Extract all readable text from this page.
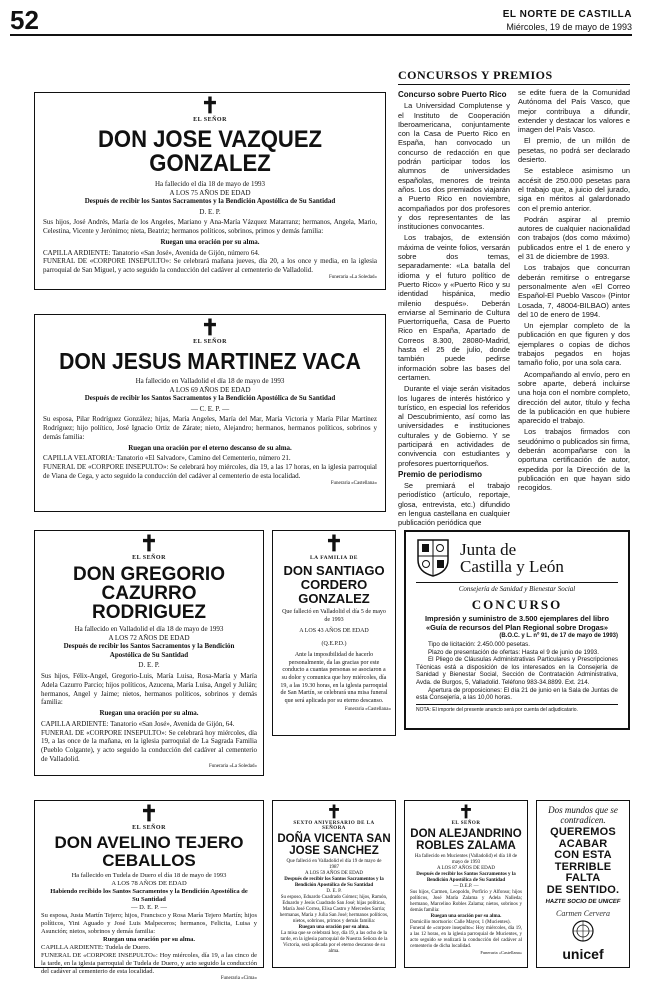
52	EL NORTE DE CASTILLA
Miércoles, 19 de mayo de 1993
✝
EL SEÑOR
DON JOSE VAZQUEZ GONZALEZ
Ha fallecido el día 18 de mayo de 1993
A LOS 75 AÑOS DE EDAD
Después de recibir los Santos Sacramentos y la Bendición Apostólica de Su Santidad
D. E. P.
Sus hijos, José Andrés, María de los Angeles, Mariano y Ana-María Vázquez Matarranz; hermanos, Angela, Mario, Celestina, Vicente y Jerónimo; nieta, Beatriz; hermanos políticos, sobrinos, primos y demás familia:
Ruegan una oración por su alma.
CAPILLA ARDIENTE: Tanatorio «San José», Avenida de Gijón, número 64.
FUNERAL DE «CORPORE INSEPULTO»: Se celebrará mañana jueves, día 20, a los once y media, en la iglesia parroquial de San Miguel, y acto seguido la conducción del cadáver al cementerio de Valladolid.
Funeraria «La Soledad»
✝
EL SEÑOR
DON JESUS MARTINEZ VACA
Ha fallecido en Valladolid el día 18 de mayo de 1993
A LOS 69 AÑOS DE EDAD
Después de recibir los Santos Sacramentos y la Bendición Apostólica de Su Santidad
— C. E. P. —
Su esposa, Pilar Rodríguez González; hijas, María Angeles, María del Mar, María Victoria y María Pilar Martínez Rodríguez; hijo político, José Ignacio Ortiz de Zárate; nieto, Alejandro; hermanos, hermanos políticos, sobrinos y demás familia:
Ruegan una oración por el eterno descanso de su alma.
CAPILLA VELATORIA: Tanatorio «El Salvador», Camino del Cementerio, número 21.
FUNERAL DE «CORPORE INSEPULTO»: Se celebrará hoy miércoles, día 19, a las 17 horas, en la iglesia parroquial de Viana de Cega, y acto seguido la conducción del cadáver al cementerio de esta localidad.
Funeraria «Castellana»
CONCURSOS Y PREMIOS
Concurso sobre Puerto Rico

La Universidad Complutense y el Instituto de Cooperación Iberoamericana, conjuntamente con la Casa de Puerto Rico en España, han convocado un concurso de redacción en que podrán participar todos los alumnos de universidades españolas, menores de treinta años. Los dos premiados viajarán a Puerto Rico en noviembre, acompañados por dos profesores y dos representantes de las instituciones convocantes.

Los trabajos, de extensión máxima de veinte folios, versarán sobre dos temas, separadamente: «La batalla del idioma y el futuro político de Puerto Rico» y «Puerto Rico y su identidad hispánica, medio milenio después». Deberán enviarse al Seminario de Cultura Puertorriqueña, Casa de Puerto Rico en España, Apartado de Correos 8.300, 28080-Madrid, hasta el 25 de julio, donde también puede pedirse información sobre las bases del certamen.

Durante el viaje serán visitados los lugares de interés histórico y turístico, en especial los referidos al Descubrimiento, así como las universidades e instituciones culturales y de Gobierno. Y se participará en actividades de convivencia con estudiantes y profesores puertorriqueños.

Premio de periodismo

Se premiará el trabajo periodístico (artículo, reportaje, glosa, entrevista, etc.) difundido en lengua castellana en cualquier publicación periódica que

se edite fuera de la Comunidad Autónoma del País Vasco, que mejor contribuya a difundir, extender y destacar los valores e imagen del País Vasco.

El premio, de un millón de pesetas, no podrá ser declarado desierto.

Se establece asimismo un accésit de 250.000 pesetas para el trabajo que, a juicio del jurado, siga en méritos al galardonado con el premio anterior.

Podrán aspirar al premio autores de cualquier nacionalidad con trabajos (dos como máximo) publicados entre el 1 de enero y el 31 de diciembre de 1993.

Los trabajos que concurran deberán remitirse o entregarse personalmente a/en «El Correo Español-El Pueblo Vasco» (Pintor Losada, 7, 48004-BILBAO) antes del 10 de enero de 1994.

Un ejemplar completo de la publicación en que figuren y dos ejemplares o copias de dichos trabajos pegados en hojas tamaño folio, por una sola cara.

Acompañando al envío, pero en sobre aparte, deberá incluirse una hoja con el nombre completo, dirección del autor, título y fecha de la publicación en que hubiere aparecido el trabajo.

Los trabajos firmados con seudónimo o publicados sin firma, deberán acompañarse con la oportuna certificación de autor, expedida por la Dirección de la publicación en que hayan sido recogidos.

✝
EL SEÑOR
DON GREGORIO CAZURRO RODRIGUEZ
Ha fallecido en Valladolid el día 18 de mayo de 1993
A LOS 72 AÑOS DE EDAD
Después de recibir los Santos Sacramentos y la Bendición Apostólica de Su Santidad
D. E. P.
Sus hijos, Félix-Angel, Gregorio-Luis, María Luisa, Rosa-María y María Adela Cazurro Parcio; hijos políticos, Azucena, María Luisa, Angel y Julián; hermanos, Angel y Jaime; nietos, hermanos políticos, sobrinos y demás familia:
Ruegan una oración por su alma.
CAPILLA ARDIENTE: Tanatorio «San José», Avenida de Gijón, 64.
FUNERAL DE «CORPORE INSEPULTO»: Se celebrará hoy miércoles, día 19, a las once de la mañana, en la iglesia parroquial de La Sagrada Familia (Pueblo Colgante), y acto seguido la conducción del cadáver al cementerio de Valladolid.
Funeraria «La Soledad»
✝
LA FAMILIA DE
DON SANTIAGO CORDERO GONZALEZ
Que falleció en Valladolid el día 5 de mayo de 1993
A LOS 43 AÑOS DE EDAD
(Q.E.P.D.)
Ante la imposibilidad de hacerlo personalmente, da las gracias por este conducto a cuantas personas se asociaron a su dolor y comunica que hoy miércoles, día 19, a las 19.30 horas, en la iglesia parroquial de San Martín, se celebrará una misa funeral que será aplicada por su eterno descanso.
Funeraria «Castellana»
Junta de
Castilla y León
Consejería de Sanidad y Bienestar Social
CONCURSO
Impresión y suministro de 3.500 ejemplares del libro «Guía de recursos del Plan Regional sobre Drogas»
(B.O.C. y L. nº 91, de 17 de mayo de 1993)
Tipo de licitación: 2.450.000 pesetas.
Plazo de presentación de ofertas: Hasta el 9 de junio de 1993.
El Pliego de Cláusulas Administrativas Particulares y Prescripciones Técnicas está a disposición de los interesados en la Consejería de Sanidad y Bienestar Social, Sección de Contratación Administrativa, Avda. de Burgos, 5, Valladolid. Teléfono 983-34.8899. Ext. 214.
Apertura de proposiciones: El día 21 de junio en la Sala de Juntas de esta Consejería, a las 10,00 horas.
NOTA: El importe del presente anuncio será por cuenta del adjudicatario.
✝
EL SEÑOR
DON AVELINO TEJERO CEBALLOS
Ha fallecido en Tudela de Duero el día 18 de mayo de 1993
A LOS 78 AÑOS DE EDAD
Habiendo recibido los Santos Sacramentos y la Bendición Apostólica de Su Santidad
— D. E. P. —
Su esposa, Justa Martín Tejero; hijos, Francisco y Rosa María Tejero Martín; hijos políticos, Yini Aguado y José Luis Malpeceros; hermanos, Felicita, Luisa y Asunción; nietos, sobrinos y demás familia:
Ruegan una oración por su alma.
CAPILLA ARDIENTE: Tudela de Duero.
FUNERAL DE «CORPORE INSEPULTO»: Hoy miércoles, día 19, a las cinco de la tarde, en la iglesia parroquial de Tudela de Duero, y acto seguido la conducción del cadáver al cementerio de esta localidad.
Funeraria «Cima»
✝
SEXTO ANIVERSARIO DE LA SEÑORA
DOÑA VICENTA SAN JOSE SANCHEZ
Que falleció en Valladolid el día 19 de mayo de 1987
A LOS 59 AÑOS DE EDAD
Después de recibir los Santos Sacramentos y la Bendición Apostólica de Su Santidad
D. E. P.
Su esposo, Eduardo Cuadrado Gómez; hijos, Ramón, Eduardo y Jesús Cuadrado San José; hijas políticas, María José Correa, Elisa Castro y Mercedes Sarria; hermanas, María y Julia San José; hermanos políticos, nietos, sobrinos, primos y demás familia:
Ruegan una oración por su alma.
La misa que se celebrará hoy, día 19, a las ocho de la tarde, en la iglesia parroquial de Nuestra Señora de la Victoria, será aplicada por el eterno descanso de su alma.
✝
EL SEÑOR
DON ALEJANDRINO ROBLES ZALAMA
Ha fallecido en Mucientes (Valladolid) el día 18 de mayo de 1993
A LOS 87 AÑOS DE EDAD
Después de recibir los Santos Sacramentos y la Bendición Apostólica de Su Santidad
— D.E.P. —
Sus hijos, Carmen, Leopoldo, Porfirio y Alfonso; hijos políticos, José María Zalama y Adela Nalleda; hermano, Marcelino Robles Zalama; nietos, sobrinos y demás familia:
Ruegan una oración por su alma.
Domicilio mortuorio: Calle Mayor, 1 (Mucientes).
Funeral de «corpore insepulto»: Hoy miércoles, día 19, a las 12 horas, en la iglesia parroquial de Mucientes, y acto seguido se realizará la conducción del cadáver al cementerio de dicha localidad.
Funeraria «Castellana»
Dos mundos que se contradicen.
QUEREMOS
ACABAR
CON ESTA
TERRIBLE
FALTA
DE SENTIDO.
HAZTE SOCIO DE UNICEF
Carmen Cervera
unicef
